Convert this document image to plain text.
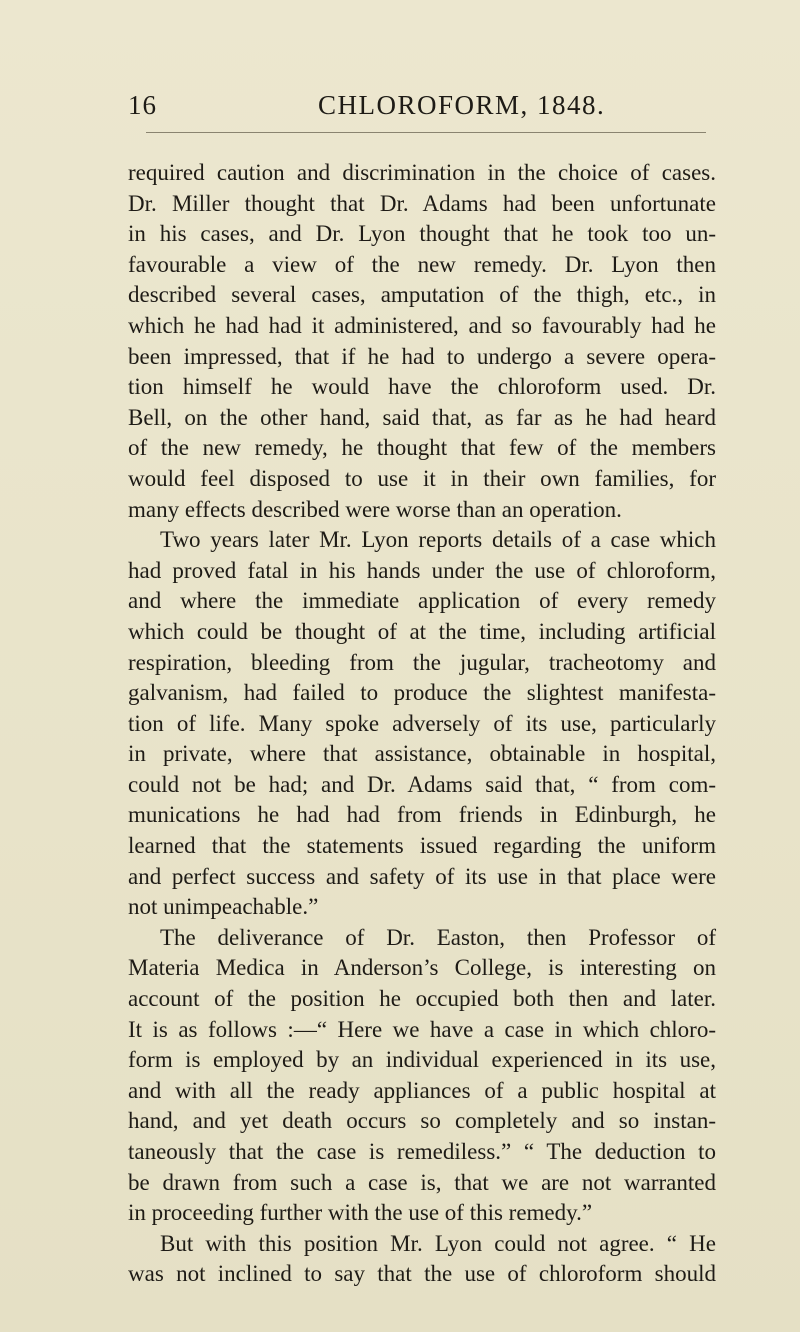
16	CHLOROFORM, 1848.
required caution and discrimination in the choice of cases.
Dr. Miller thought that Dr. Adams had been unfortunate
in his cases, and Dr. Lyon thought that he took too un-
favourable a view of the new remedy. Dr. Lyon then
described several cases, amputation of the thigh, etc., in
which he had had it administered, and so favourably had he
been impressed, that if he had to undergo a severe opera-
tion himself he would have the chloroform used. Dr.
Bell, on the other hand, said that, as far as he had heard
of the new remedy, he thought that few of the members
would feel disposed to use it in their own families, for
many effects described were worse than an operation.
Two years later Mr. Lyon reports details of a case which
had proved fatal in his hands under the use of chloroform,
and where the immediate application of every remedy
which could be thought of at the time, including artificial
respiration, bleeding from the jugular, tracheotomy and
galvanism, had failed to produce the slightest manifesta-
tion of life. Many spoke adversely of its use, particularly
in private, where that assistance, obtainable in hospital,
could not be had; and Dr. Adams said that, “ from com-
munications he had had from friends in Edinburgh, he
learned that the statements issued regarding the uniform
and perfect success and safety of its use in that place were
not unimpeachable.”
The deliverance of Dr. Easton, then Professor of
Materia Medica in Anderson’s College, is interesting on
account of the position he occupied both then and later.
It is as follows :—“ Here we have a case in which chloro-
form is employed by an individual experienced in its use,
and with all the ready appliances of a public hospital at
hand, and yet death occurs so completely and so instan-
taneously that the case is remediless.” “ The deduction to
be drawn from such a case is, that we are not warranted
in proceeding further with the use of this remedy.”
But with this position Mr. Lyon could not agree. “ He
was not inclined to say that the use of chloroform should
